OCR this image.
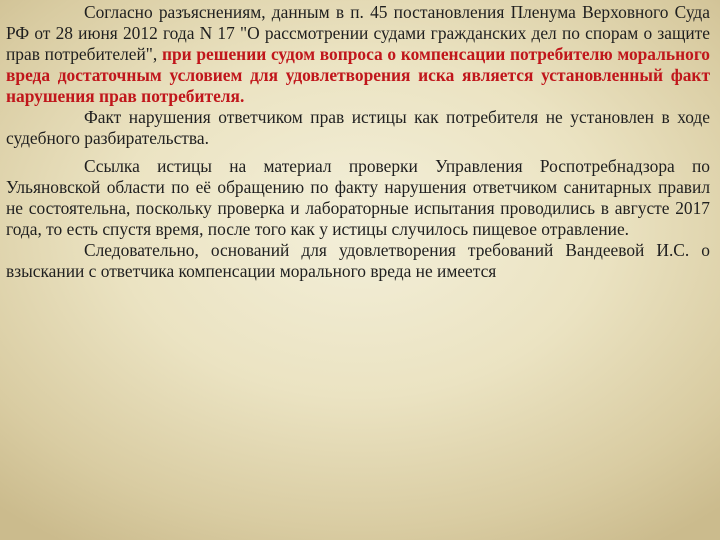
Согласно разъяснениям, данным в п. 45 постановления Пленума Верховного Суда РФ от 28 июня 2012 года N 17 "О рассмотрении судами гражданских дел по спорам о защите прав потребителей", при решении судом вопроса о компенсации потребителю морального вреда достаточным условием для удовлетворения иска является установленный факт нарушения прав потребителя.

Факт нарушения ответчиком прав истицы как потребителя не установлен в ходе судебного разбирательства.

Ссылка истицы на материал проверки Управления Роспотребнадзора по Ульяновской области по её обращению по факту нарушения ответчиком санитарных правил не состоятельна, поскольку проверка и лабораторные испытания проводились в августе 2017 года, то есть спустя время, после того как у истицы случилось пищевое отравление.

Следовательно, оснований для удовлетворения требований Вандеевой И.С. о взыскании с ответчика компенсации морального вреда не имеется
